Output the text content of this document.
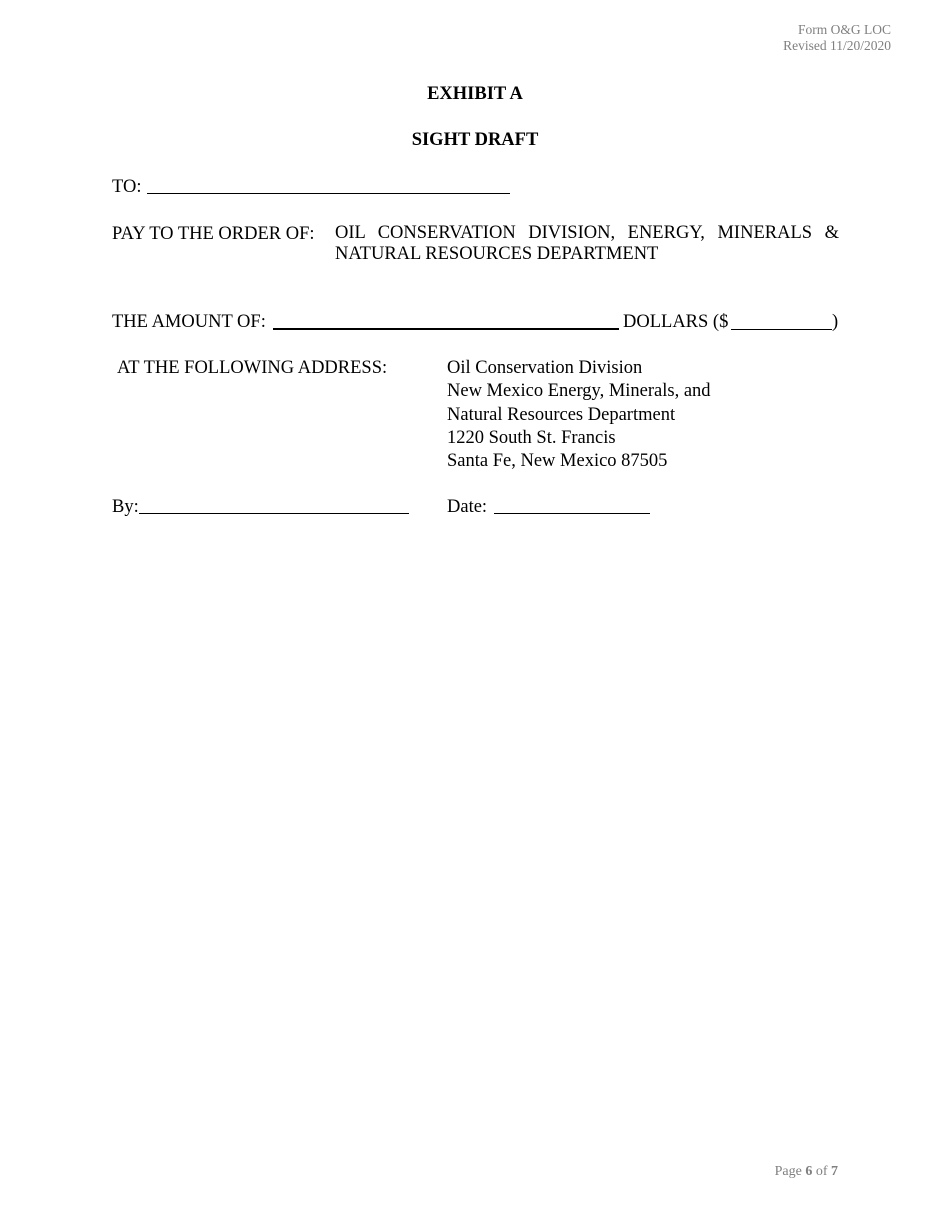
Form O&G LOC
Revised 11/20/2020
EXHIBIT A
SIGHT DRAFT
TO:
PAY TO THE ORDER OF: OIL CONSERVATION DIVISION, ENERGY, MINERALS &
NATURAL RESOURCES DEPARTMENT
THE AMOUNT OF:	DOLLARS ($	)
AT THE FOLLOWING ADDRESS:	Oil Conservation Division
New Mexico Energy, Minerals, and
Natural Resources Department
1220 South St. Francis
Santa Fe, New Mexico 87505
By:	Date:
Page 6 of 7
